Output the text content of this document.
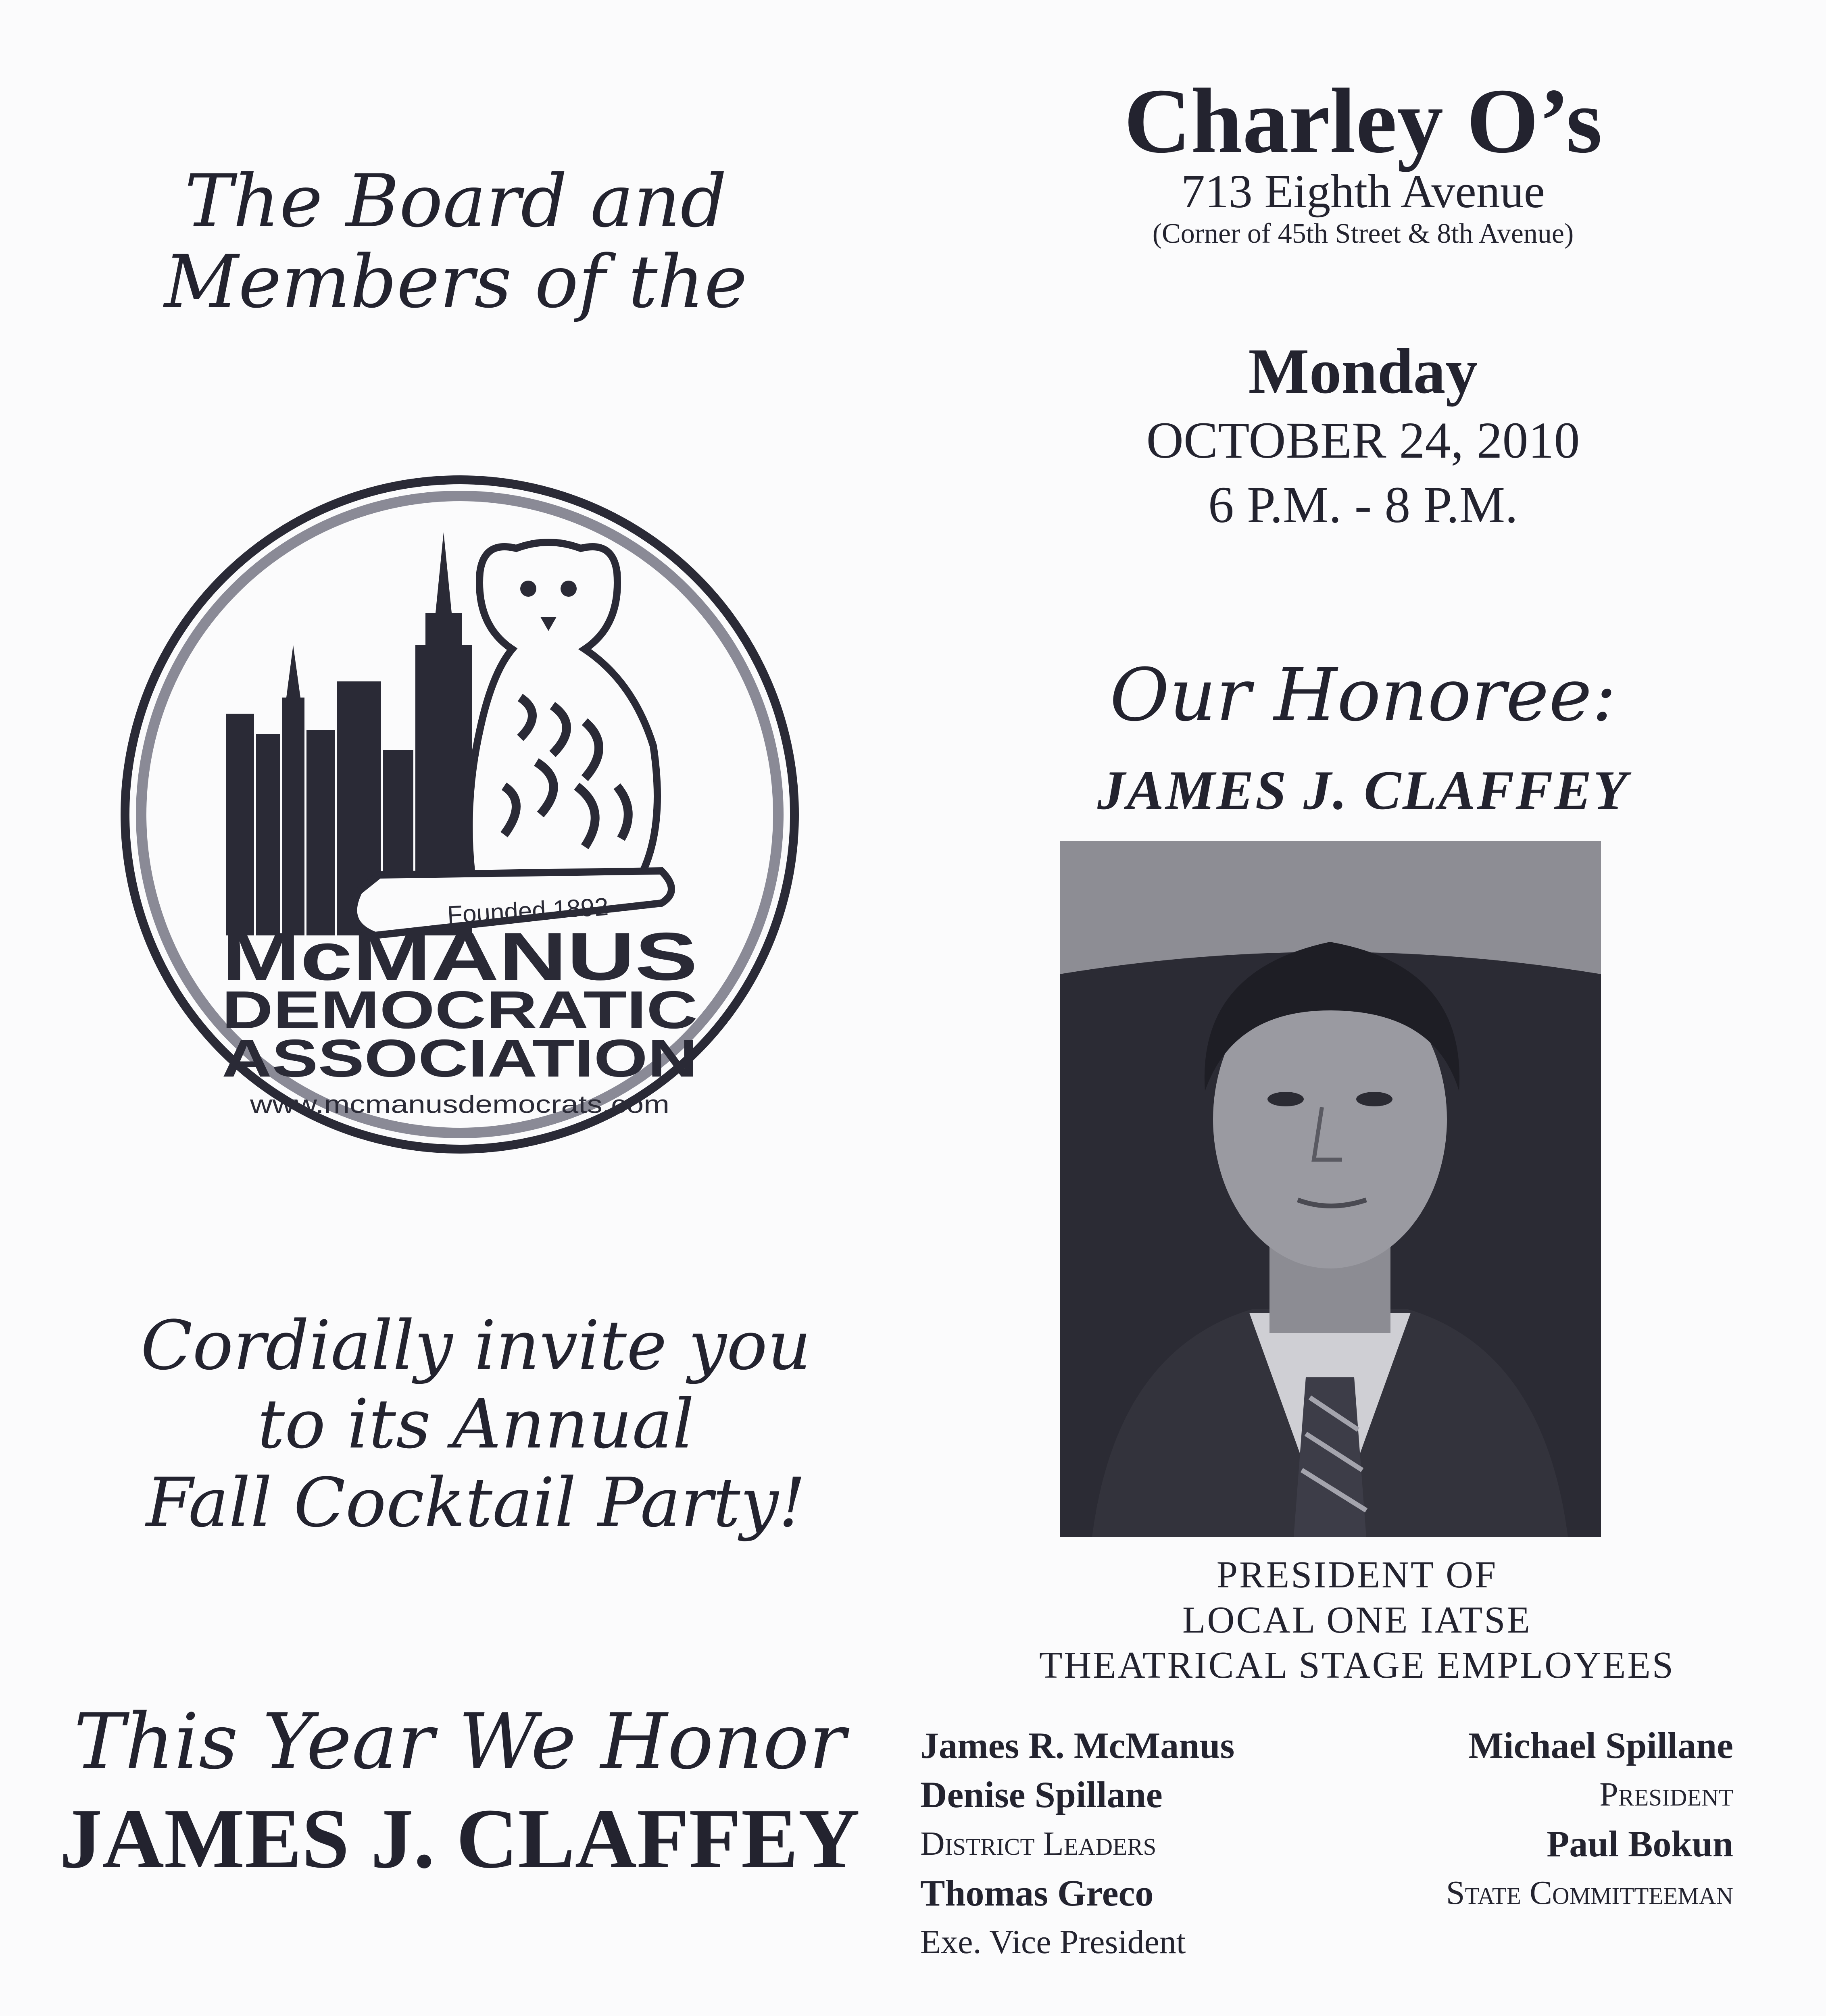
The Board and
Members of the
Founded 1892
McMANUS
DEMOCRATIC
ASSOCIATION
www.mcmanusdemocrats.com
Cordially invite you
to its Annual
Fall Cocktail Party!
This Year We Honor
JAMES J. CLAFFEY
Charley O’s
713 Eighth Avenue
(Corner of 45th Street & 8th Avenue)
Monday
OCTOBER 24, 2010
6 P.M. - 8 P.M.
Our Honoree:
JAMES J. CLAFFEY
PRESIDENT OF
LOCAL ONE IATSE
THEATRICAL STAGE EMPLOYEES
James R. McManus
Denise Spillane
District Leaders
Thomas Greco
Exe. Vice President
Michael Spillane
President
Paul Bokun
State Committeeman
